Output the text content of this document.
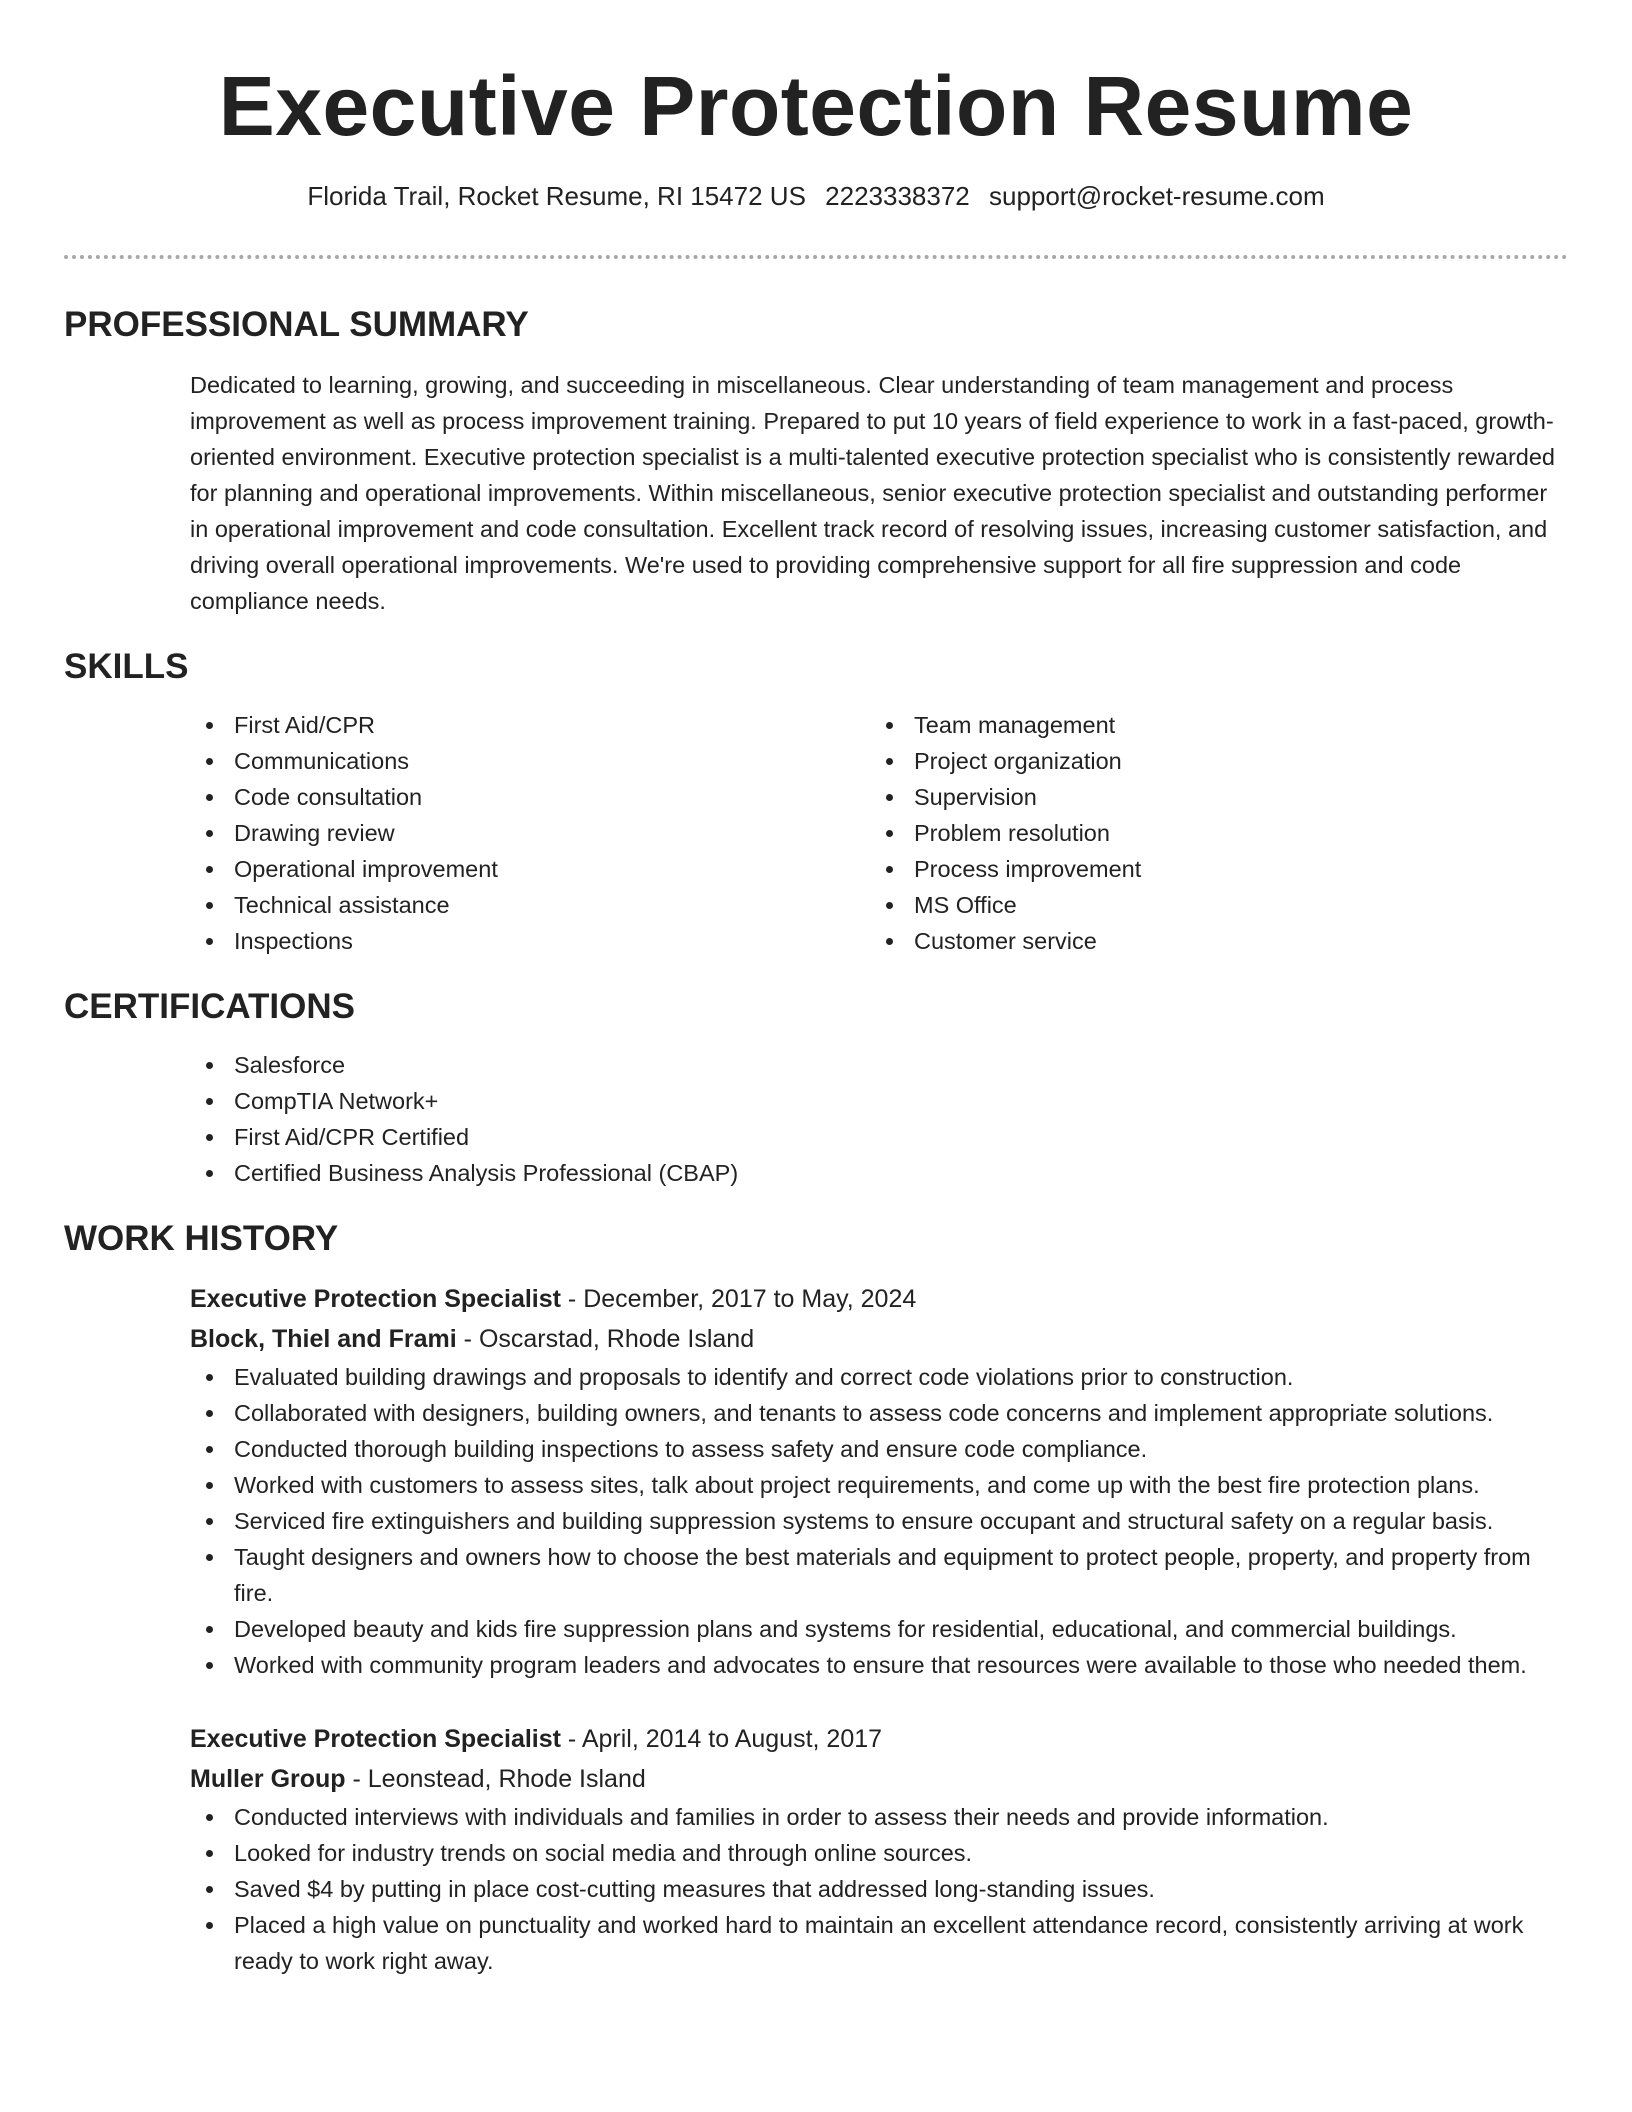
Executive Protection Resume
Florida Trail, Rocket Resume, RI 15472 US 2223338372 support@rocket-resume.com
PROFESSIONAL SUMMARY

Dedicated to learning, growing, and succeeding in miscellaneous. Clear understanding of team management and process improvement as well as process improvement training. Prepared to put 10 years of field experience to work in a fast-paced, growth-oriented environment. Executive protection specialist is a multi-talented executive protection specialist who is consistently rewarded for planning and operational improvements. Within miscellaneous, senior executive protection specialist and outstanding performer in operational improvement and code consultation. Excellent track record of resolving issues, increasing customer satisfaction, and driving overall operational improvements. We're used to providing comprehensive support for all fire suppression and code compliance needs.

SKILLS
First Aid/CPR
Communications
Code consultation
Drawing review
Operational improvement
Technical assistance
Inspections
Team management
Project organization
Supervision
Problem resolution
Process improvement
MS Office
Customer service
CERTIFICATIONS
Salesforce
CompTIA Network+
First Aid/CPR Certified
Certified Business Analysis Professional (CBAP)
WORK HISTORY
Executive Protection Specialist - December, 2017 to May, 2024
Block, Thiel and Frami - Oscarstad, Rhode Island
Evaluated building drawings and proposals to identify and correct code violations prior to construction.
Collaborated with designers, building owners, and tenants to assess code concerns and implement appropriate solutions.
Conducted thorough building inspections to assess safety and ensure code compliance.
Worked with customers to assess sites, talk about project requirements, and come up with the best fire protection plans.
Serviced fire extinguishers and building suppression systems to ensure occupant and structural safety on a regular basis.
Taught designers and owners how to choose the best materials and equipment to protect people, property, and property from fire.
Developed beauty and kids fire suppression plans and systems for residential, educational, and commercial buildings.
Worked with community program leaders and advocates to ensure that resources were available to those who needed them.
Executive Protection Specialist - April, 2014 to August, 2017
Muller Group - Leonstead, Rhode Island
Conducted interviews with individuals and families in order to assess their needs and provide information.
Looked for industry trends on social media and through online sources.
Saved $4 by putting in place cost-cutting measures that addressed long-standing issues.
Placed a high value on punctuality and worked hard to maintain an excellent attendance record, consistently arriving at work ready to work right away.
